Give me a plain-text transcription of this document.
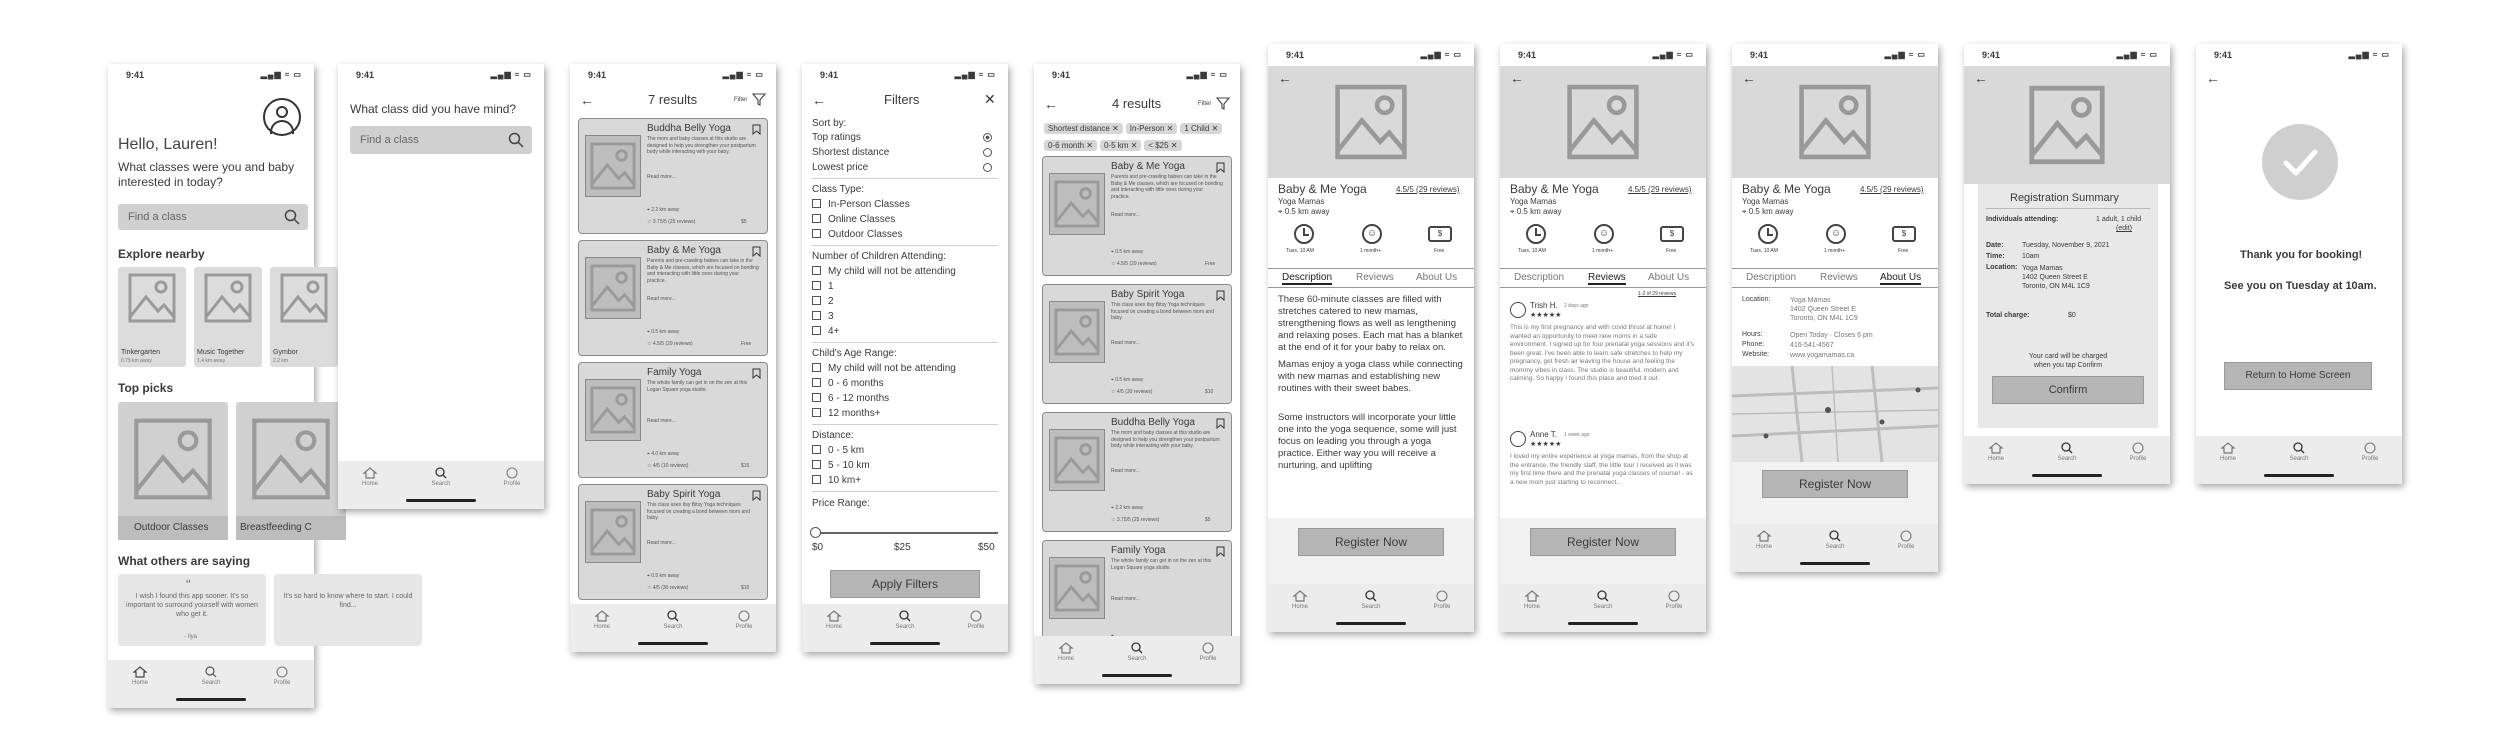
9:41	▂▄▆ ≈ ▭
Hello, Lauren!
What classes were you and baby interested in today?
Find a class
Explore nearby
Tinkergarten
0.75 km away
Music Together
1.4 km away
Gymbor
2.2 km
Top picks
Outdoor Classes	Breastfeeding C
What others are saying
“
I wish I found this app sooner. It's so important to surround yourself with women who get it.
- Ilya
It's so hard to know where to start. I could find...
Home	Search	Profile
9:41	▂▄▆ ≈ ▭
What class did you have mind?
Find a class
Home	Search	Profile
9:41	▂▄▆ ≈ ▭
←	7 results	Filter
Buddha Belly Yoga
The mom and baby classes at this studio are designed to help you strengthen your postpartum body while interacting with your baby.
Read more...
⌖ 2.2 km away
☆ 3.75/5 (25 reviews)	$5
Baby & Me Yoga
Parents and pre-crawling babies can take in the Baby & Me classes, which are focused on bonding and interacting with little ones during your practice.
Read more...
⌖ 0.5 km away
☆ 4.5/5 (29 reviews)	Free
Family Yoga
The whole family can get in on the zen at this Logan Square yoga studio.
Read more...
⌖ 4.0 km away
☆ 4/5 (10 reviews)	$15
Baby Spirit Yoga
This class uses Itsy Bitsy Yoga techniques focused on creating a bond between mom and baby.
Read more...
⌖ 0.5 km away
☆ 4/5 (30 reviews)	$10
Home	Search	Profile
9:41	▂▄▆ ≈ ▭
←	Filters	✕
Sort by:
Top ratings
Shortest distance
Lowest price
Class Type:
In-Person Classes
Online Classes
Outdoor Classes
Number of Children Attending:
My child will not be attending
1
2
3
4+
Child's Age Range:
My child will not be attending
0 - 6 months
6 - 12 months
12 months+
Distance:
0 - 5 km
5 - 10 km
10 km+
Price Range:
$0	$25	$50
Apply Filters
Home	Search	Profile
9:41	▂▄▆ ≈ ▭
←	4 results	Filter
Shortest distance ✕ In-Person ✕ 1 Child ✕
0-6 month ✕ 0-5 km ✕ < $25 ✕
Baby & Me Yoga
Parents and pre-crawling babies can take in the Baby & Me classes, which are focused on bonding and interacting with little ones during your practice.
Read more...
⌖ 0.5 km away
☆ 4.5/5 (29 reviews)	Free
Baby Spirit Yoga
This class uses Itsy Bitsy Yoga techniques focused on creating a bond between mom and baby.
Read more...
⌖ 0.5 km away
☆ 4/5 (30 reviews)	$10
Buddha Belly Yoga
The mom and baby classes at this studio are designed to help you strengthen your postpartum body while interacting with your baby.
Read more...
⌖ 2.2 km away
☆ 3.75/5 (25 reviews)	$5
Family Yoga
The whole family can get in on the zen at this Logan Square yoga studio.
Read more...
Home	Search	Profile
9:41	▂▄▆ ≈ ▭
←
Baby & Me Yoga	4.5/5 (29 reviews)
Yoga Mamas
⌖ 0.5 km away
Tues, 10 AM
☺
1 month+
$
Free
Description Reviews About Us
These 60-minute classes are filled with stretches catered to new mamas, strengthening flows as well as lengthening and relaxing poses. Each mat has a blanket at the end of it for your baby to relax on.
Mamas enjoy a yoga class while connecting with new mamas and establishing new routines with their sweet babes.
Some instructors will incorporate your little one into the yoga sequence, some will just focus on leading you through a yoga practice. Either way you will receive a nurturing, and uplifting
Register Now
Home	Search	Profile
9:41	▂▄▆ ≈ ▭
←
Baby & Me Yoga	4.5/5 (29 reviews)
Yoga Mamas
⌖ 0.5 km away
Tues, 10 AM
☺
1 month+
$
Free
Description Reviews About Us
1-2 of 29 reviews
Trish H. 2 days ago
★★★★★
This is my first pregnancy and with covid thrust at home! I wanted an opportunity to meet new moms in a safe environment. I signed up for four prenatal yoga sessions and it's been great. I've been able to learn safe stretches to help my pregnancy, get fresh air leaving the house and feeling the mommy vibes in class. The studio is beautiful, modern and calming. So happy I found this place and tried it out.
Anne T. 1 week ago
★★★★★
I loved my entire experience at yoga mamas, from the shop at the entrance, the friendly staff, the little tour I received as it was my first time there and the prenatal yoga classes of course! - as a new mom just starting to reconnect...
Register Now
Home	Search	Profile
9:41	▂▄▆ ≈ ▭
←
Baby & Me Yoga	4.5/5 (29 reviews)
Yoga Mamas
⌖ 0.5 km away
Tues, 10 AM
☺
1 month+
$
Free
Description Reviews About Us
Location:	Yoga Mamas
1402 Queen Street E
Toronto, ON M4L 1C9
Hours:	Open Today · Closes 6 pm
Phone:	416-541-4567
Website:	www.yogamamas.ca
Register Now
Home	Search	Profile
9:41	▂▄▆ ≈ ▭
←
Registration Summary
Individuals attending:	1 adult, 1 child
(edit)
Date:	Tuesday, November 9, 2021
Time: 10am
Location: Yoga Mamas
1402 Queen Street E
Toronto, ON M4L 1C9
Total charge:	$0
Your card will be charged when you tap Confirm
Confirm
Home	Search	Profile
9:41	▂▄▆ ≈ ▭
←
Thank you for booking!
See you on Tuesday at 10am.
Return to Home Screen
Home	Search	Profile
